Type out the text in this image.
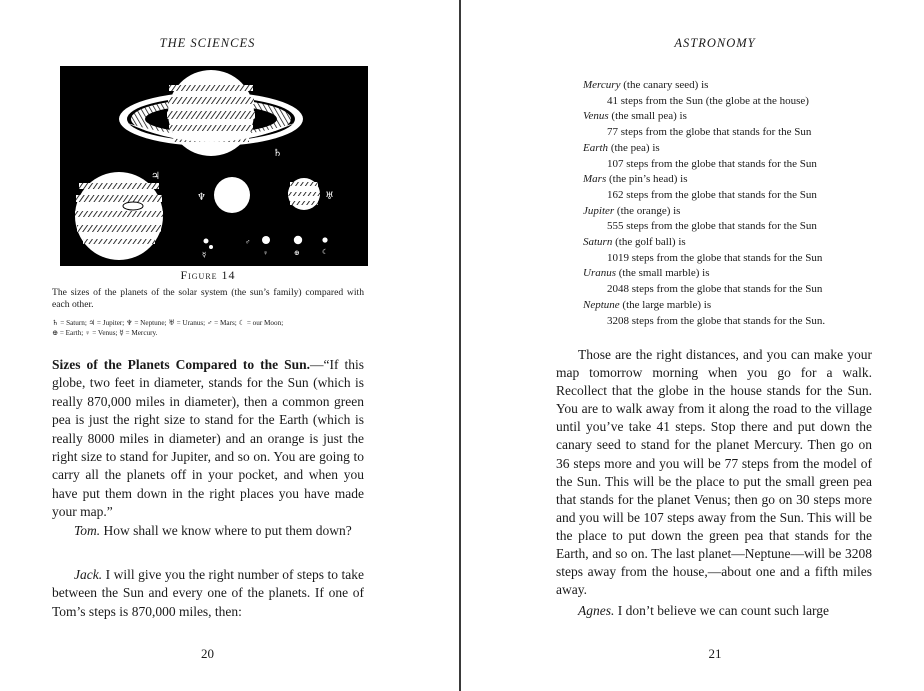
THE SCIENCES
♄
♃
♆	♅
☿
♂
♀	⊕	☾
Figure 14
The sizes of the planets of the solar system (the sun’s family) compared with each other.
♄ = Saturn; ♃ = Jupiter; ♆ = Neptune; ♅ = Uranus; ♂ = Mars; ☾ = our Moon;
⊕ = Earth; ♀ = Venus; ☿ = Mercury.

Sizes of the Planets Compared to the Sun.—“If this globe, two feet in diameter, stands for the Sun (which is really 870,000 miles in diameter), then a common green pea is just the right size to stand for the Earth (which is really 8000 miles in diameter) and an orange is just the right size to stand for Jupiter, and so on. You are going to carry all the planets off in your pocket, and when you have put them down in the right places you have made your map.”

Tom. How shall we know where to put them down?

Jack. I will give you the right number of steps to take between the Sun and every one of the planets. If one of Tom’s steps is 870,000 miles, then:

20
ASTRONOMY
21
Mercury (the canary seed) is
41 steps from the Sun (the globe at the house)
Venus (the small pea) is
77 steps from the globe that stands for the Sun
Earth (the pea) is
107 steps from the globe that stands for the Sun
Mars (the pin’s head) is
162 steps from the globe that stands for the Sun
Jupiter (the orange) is
555 steps from the globe that stands for the Sun
Saturn (the golf ball) is
1019 steps from the globe that stands for the Sun
Uranus (the small marble) is
2048 steps from the globe that stands for the Sun
Neptune (the large marble) is
3208 steps from the globe that stands for the Sun.

Those are the right distances, and you can make your map tomorrow morning when you go for a walk. Recollect that the globe in the house stands for the Sun. You are to walk away from it along the road to the village until you’ve take 41 steps. Stop there and put down the canary seed to stand for the planet Mercury. Then go on 36 steps more and you will be 77 steps from the model of the Sun. This will be the place to put the small green pea that stands for the planet Venus; then go on 30 steps more and you will be 107 steps away from the Sun. This will be the place to put down the green pea that stands for the Earth, and so on. The last planet—Neptune—will be 3208 steps away from the house,—about one and a fifth miles away.

Agnes. I don’t believe we can count such large
